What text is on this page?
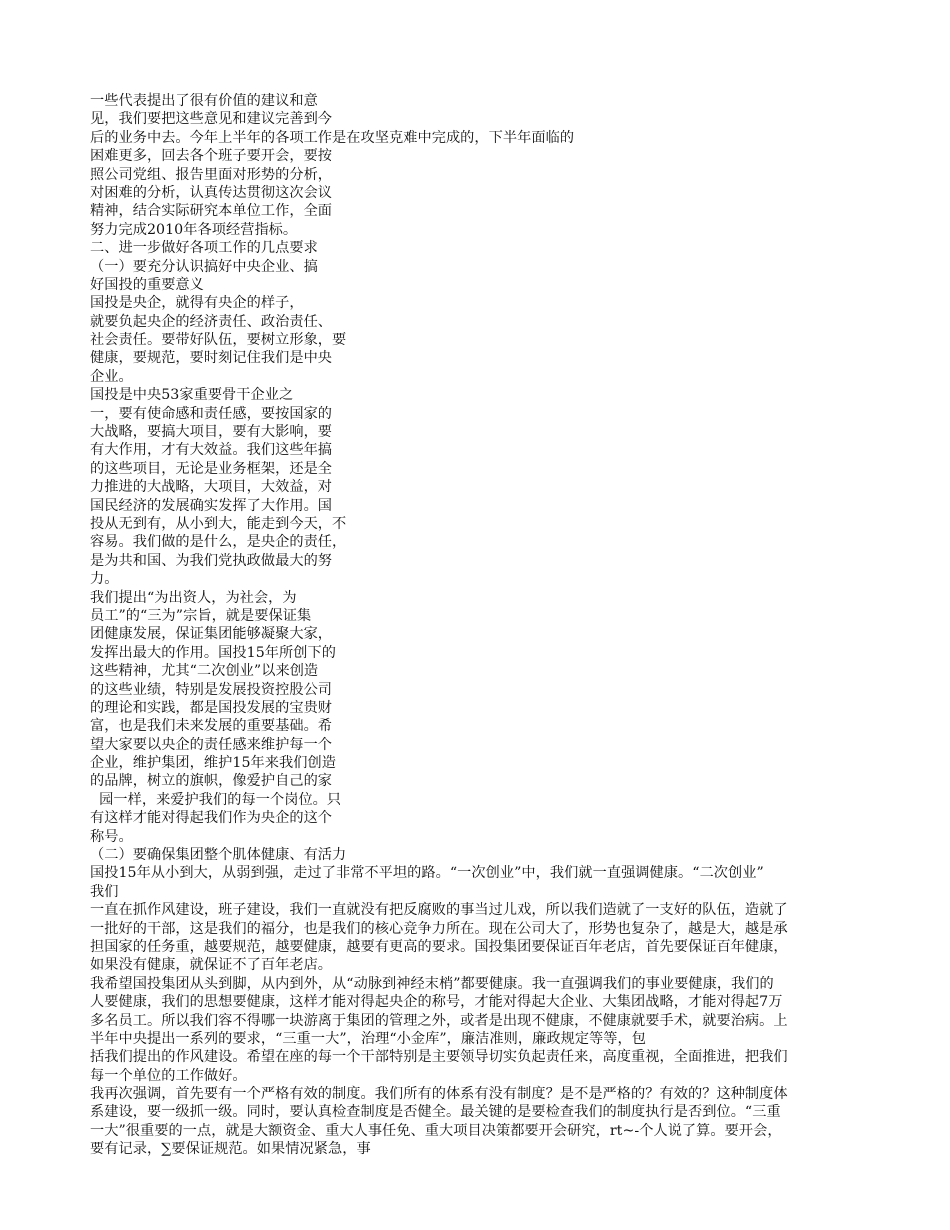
一些代表提出了很有价值的建议和意
见，我们要把这些意见和建议完善到今
后的业务中去。今年上半年的各项工作是在攻坚克难中完成的，下半年面临的
困难更多，回去各个班子要开会，要按
照公司党组、报告里面对形势的分析，
对困难的分析，认真传达贯彻这次会议
精神，结合实际研究本单位工作，全面
努力完成2010年各项经营指标。
二、进一步做好各项工作的几点要求
（一）要充分认识搞好中央企业、搞
好国投的重要意义
国投是央企，就得有央企的样子，
就要负起央企的经济责任、政治责任、
社会责任。要带好队伍，要树立形象，要
健康，要规范，要时刻记住我们是中央
企业。
国投是中央53家重要骨干企业之
一，要有使命感和责任感，要按国家的
大战略，要搞大项目，要有大影响，要
有大作用，才有大效益。我们这些年搞
的这些项目，无论是业务框架，还是全
力推进的大战略，大项目，大效益，对
国民经济的发展确实发挥了大作用。国
投从无到有，从小到大，能走到今天，不
容易。我们做的是什么，是央企的责任，
是为共和国、为我们党执政做最大的努
力。
我们提出“为出资人，为社会，为
员工”的“三为”宗旨，就是要保证集
团健康发展，保证集团能够凝聚大家，
发挥出最大的作用。国投15年所创下的
这些精神，尤其“二次创业”以来创造
的这些业绩，特别是发展投资控股公司
的理论和实践，都是国投发展的宝贵财
富，也是我们未来发展的重要基础。希
望大家要以央企的责任感来维护每一个
企业，维护集团，维护15年来我们创造
的品牌，树立的旗帜，像爱护自己的家
园一样，来爱护我们的每一个岗位。只
有这样才能对得起我们作为央企的这个
称号。
（二）要确保集团整个肌体健康、有活力
国投15年从小到大，从弱到强，走过了非常不平坦的路。“一次创业”中，我们就一直强调健康。“二次创业”
我们
一直在抓作风建设，班子建设，我们一直就没有把反腐败的事当过儿戏，所以我们造就了一支好的队伍，造就了
一批好的干部，这是我们的福分，也是我们的核心竞争力所在。现在公司大了，形势也复杂了，越是大，越是承
担国家的任务重，越要规范，越要健康，越要有更高的要求。国投集团要保证百年老店，首先要保证百年健康，
如果没有健康，就保证不了百年老店。
我希望国投集团从头到脚，从内到外，从“动脉到神经末梢”都要健康。我一直强调我们的事业要健康，我们的
人要健康，我们的思想要健康，这样才能对得起央企的称号，才能对得起大企业、大集团战略，才能对得起7万
多名员工。所以我们容不得哪一块游离于集团的管理之外，或者是出现不健康，不健康就要手术，就要治病。上
半年中央提出一系列的要求，“三重一大”，治理“小金库”，廉洁准则，廉政规定等等，包
括我们提出的作风建设。希望在座的每一个干部特别是主要领导切实负起责任来，高度重视，全面推进，把我们
每一个单位的工作做好。
我再次强调，首先要有一个严格有效的制度。我们所有的体系有没有制度？是不是严格的？有效的？这种制度体
系建设，要一级抓一级。同时，要认真检查制度是否健全。最关键的是要检查我们的制度执行是否到位。“三重
一大”很重要的一点，就是大额资金、重大人事任免、重大项目决策都要开会研究，rt~-个人说了算。要开会，
要有记录，∑要保证规范。如果情况紧急，事
